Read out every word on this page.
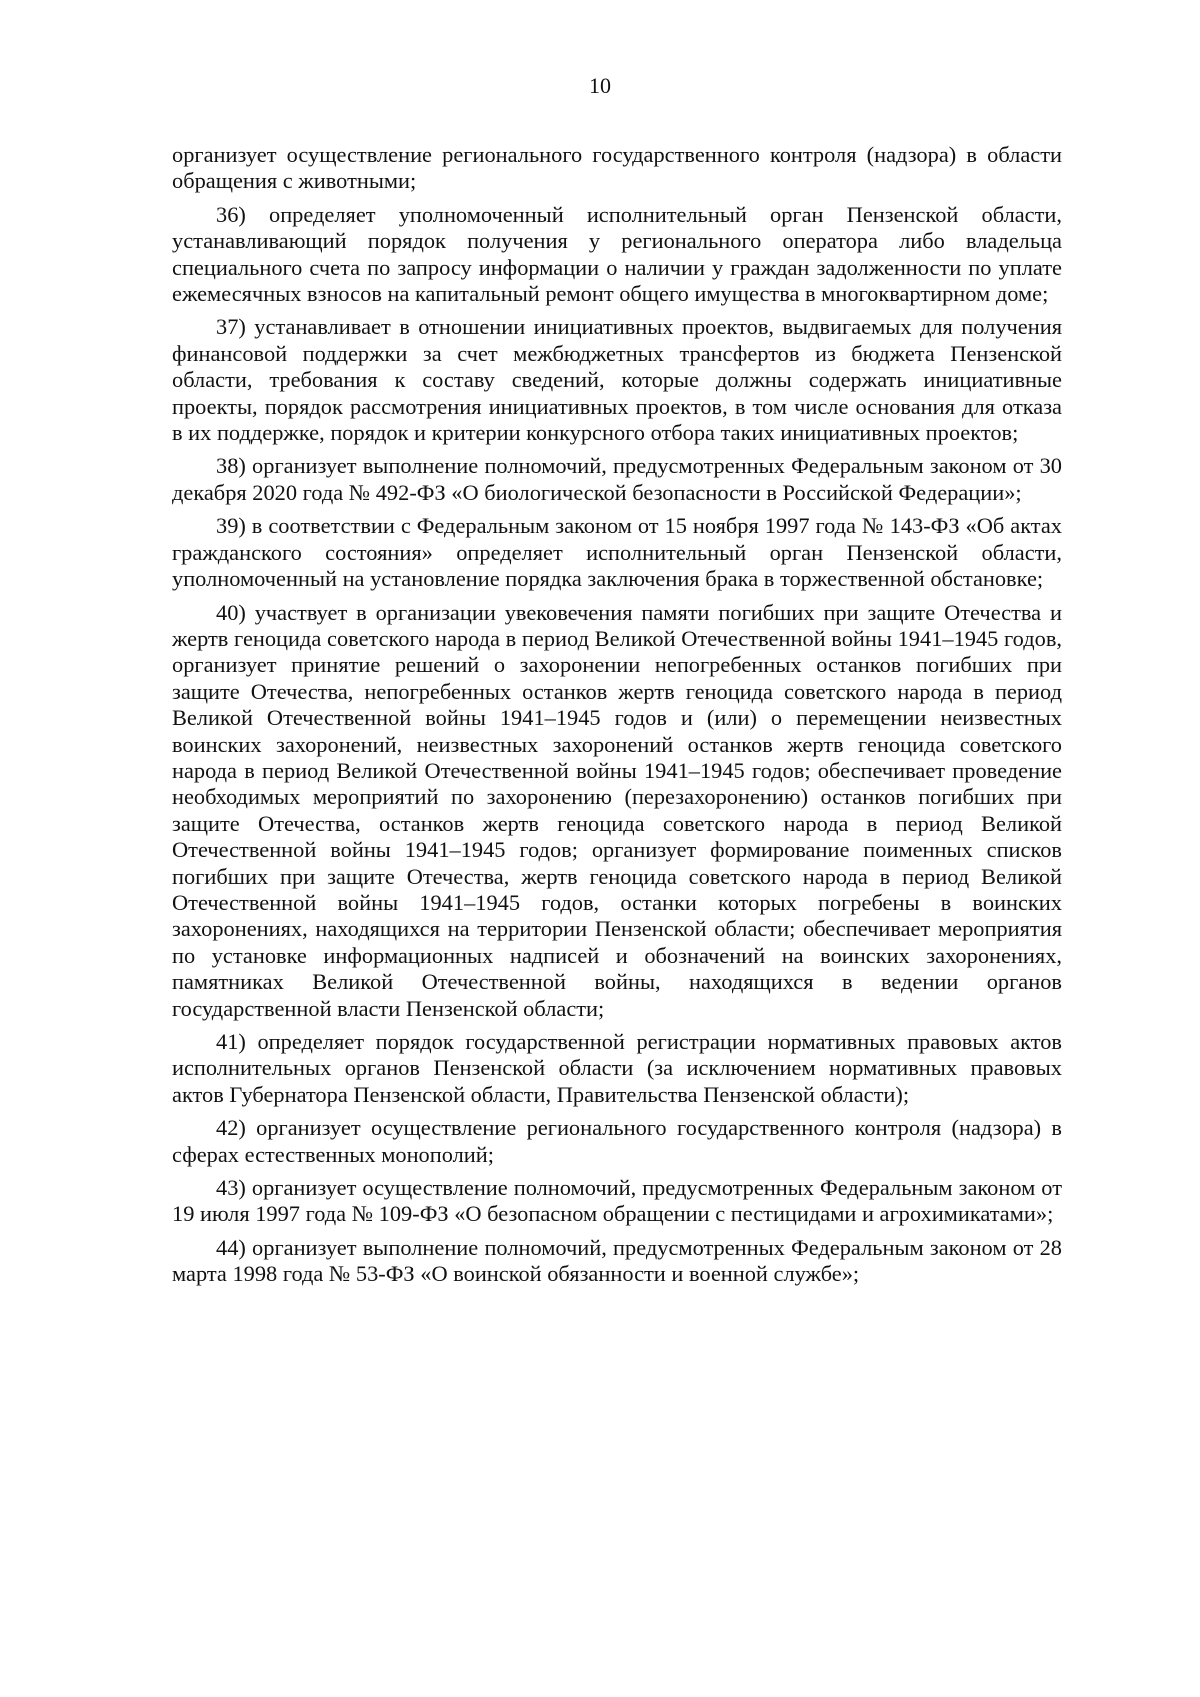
10

организует осуществление регионального государственного контроля (надзора) в области обращения с животными;

36) определяет уполномоченный исполнительный орган Пензенской области, устанавливающий порядок получения у регионального оператора либо владельца специального счета по запросу информации о наличии у граждан задолженности по уплате ежемесячных взносов на капитальный ремонт общего имущества в многоквартирном доме;

37) устанавливает в отношении инициативных проектов, выдвигаемых для получения финансовой поддержки за счет межбюджетных трансфертов из бюджета Пензенской области, требования к составу сведений, которые должны содержать инициативные проекты, порядок рассмотрения инициативных проектов, в том числе основания для отказа в их поддержке, порядок и критерии конкурсного отбора таких инициативных проектов;

38) организует выполнение полномочий, предусмотренных Федеральным законом от 30 декабря 2020 года № 492-ФЗ «О биологической безопасности в Российской Федерации»;

39) в соответствии с Федеральным законом от 15 ноября 1997 года № 143-ФЗ «Об актах гражданского состояния» определяет исполнительный орган Пензенской области, уполномоченный на установление порядка заключения брака в торжественной обстановке;

40) участвует в организации увековечения памяти погибших при защите Отечества и жертв геноцида советского народа в период Великой Отечественной войны 1941–1945 годов, организует принятие решений о захоронении непогребенных останков погибших при защите Отечества, непогребенных останков жертв геноцида советского народа в период Великой Отечественной войны 1941–1945 годов и (или) о перемещении неизвестных воинских захоронений, неизвестных захоронений останков жертв геноцида советского народа в период Великой Отечественной войны 1941–1945 годов; обеспечивает проведение необходимых мероприятий по захоронению (перезахоронению) останков погибших при защите Отечества, останков жертв геноцида советского народа в период Великой Отечественной войны 1941–1945 годов; организует формирование поименных списков погибших при защите Отечества, жертв геноцида советского народа в период Великой Отечественной войны 1941–1945 годов, останки которых погребены в воинских захоронениях, находящихся на территории Пензенской области; обеспечивает мероприятия по установке информационных надписей и обозначений на воинских захоронениях, памятниках Великой Отечественной войны, находящихся в ведении органов государственной власти Пензенской области;

41) определяет порядок государственной регистрации нормативных правовых актов исполнительных органов Пензенской области (за исключением нормативных правовых актов Губернатора Пензенской области, Правительства Пензенской области);

42) организует осуществление регионального государственного контроля (надзора) в сферах естественных монополий;

43) организует осуществление полномочий, предусмотренных Федеральным законом от 19 июля 1997 года № 109-ФЗ «О безопасном обращении с пестицидами и агрохимикатами»;

44) организует выполнение полномочий, предусмотренных Федеральным законом от 28 марта 1998 года № 53-ФЗ «О воинской обязанности и военной службе»;
